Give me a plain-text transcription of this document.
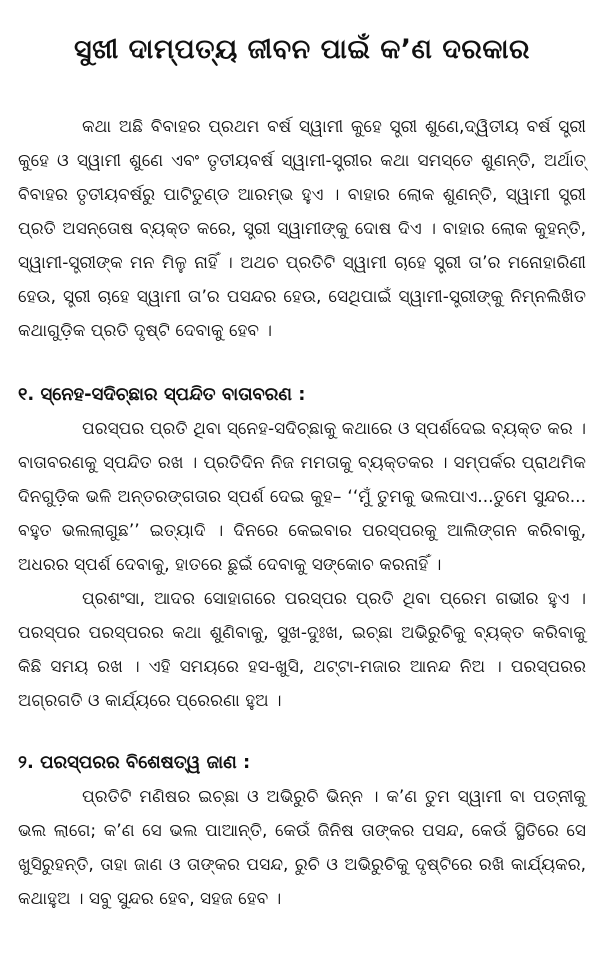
ସୁଖୀ ଦାମ୍ପତ୍ୟ ଜୀବନ ପାଇଁ କ’ଣ ଦରକାର

କଥା ଅଛି ବିବାହର ପ୍ରଥମ ବର୍ଷ ସ୍ୱାମୀ କୁହେ ସ୍ତ୍ରୀ ଶୁଣେ,ଦ୍ୱିତୀୟ ବର୍ଷ ସ୍ତ୍ରୀ କୁହେ ଓ ସ୍ୱାମୀ ଶୁଣେ ଏବଂ ତୃତୀୟବର୍ଷ ସ୍ୱାମୀ-ସ୍ତ୍ରୀର କଥା ସମସ୍ତେ ଶୁଣନ୍ତି, ଅର୍ଥାତ୍ ବିବାହର ତୃତୀୟବର୍ଷରୁ ପାଟିତୁଣ୍ଡ ଆରମ୍ଭ ହୁଏ । ବାହାର ଲୋକ ଶୁଣନ୍ତି, ସ୍ୱାମୀ ସ୍ତ୍ରୀ ପ୍ରତି ଅସନ୍ତୋଷ ବ୍ୟକ୍ତ କରେ, ସ୍ତ୍ରୀ ସ୍ୱାମୀଙ୍କୁ ଦୋଷ ଦିଏ । ବାହାର ଲୋକ କୁହନ୍ତି, ସ୍ୱାମୀ-ସ୍ତ୍ରୀଙ୍କ ମନ ମିଳୁ ନାହିଁ । ଅଥଚ ପ୍ରତିଟି ସ୍ୱାମୀ ଚାହେ ସ୍ତ୍ରୀ ତା’ର ମନୋହାରିଣୀ ହେଉ, ସ୍ତ୍ରୀ ଚାହେ ସ୍ୱାମୀ ତା’ର ପସନ୍ଦର ହେଉ, ସେଥିପାଇଁ ସ୍ୱାମୀ-ସ୍ତ୍ରୀଙ୍କୁ ନିମ୍ନଲିଖିତ କଥାଗୁଡ଼ିକ ପ୍ରତି ଦୃଷ୍ଟି ଦେବାକୁ ହେବ ।

୧. ସ୍ନେହ-ସଦିଚ୍ଛାର ସ୍ପନ୍ଦିତ ବାତାବରଣ :

ପରସ୍ପର ପ୍ରତି ଥିବା ସ୍ନେହ-ସଦିଚ୍ଛାକୁ କଥାରେ ଓ ସ୍ପର୍ଶଦେଇ ବ୍ୟକ୍ତ କର । ବାତାବରଣକୁ ସ୍ପନ୍ଦିତ ରଖ । ପ୍ରତିଦିନ ନିଜ ମମତାକୁ ବ୍ୟକ୍ତକର । ସମ୍ପର୍କର ପ୍ରାଥମିକ ଦିନଗୁଡ଼ିକ ଭଳି ଅନ୍ତରଙ୍ଗତାର ସ୍ପର୍ଶ ଦେଇ କୁହ– ‘‘ମୁଁ ତୁମକୁ ଭଲପାଏ...ତୁମେ ସୁନ୍ଦର... ବହୁତ ଭଲଲାଗୁଛ’’ ଇତ୍ୟାଦି । ଦିନରେ କେଇବାର ପରସ୍ପରକୁ ଆଲିଙ୍ଗନ କରିବାକୁ, ଅଧରର ସ୍ପର୍ଶ ଦେବାକୁ, ହାତରେ ଛୁଇଁ ଦେବାକୁ ସଙ୍କୋଚ କରନାହିଁ ।

ପ୍ରଶଂସା, ଆଦର ସୋହାଗରେ ପରସ୍ପର ପ୍ରତି ଥିବା ପ୍ରେମ ଗଭୀର ହୁଏ । ପରସ୍ପର ପରସ୍ପରର କଥା ଶୁଣିବାକୁ, ସୁଖ-ଦୁଃଖ, ଇଚ୍ଛା ଅଭିରୁଚିକୁ ବ୍ୟକ୍ତ କରିବାକୁ କିଛି ସମୟ ରଖ । ଏହି ସମୟରେ ହସ-ଖୁସି, ଥଟ୍ଟା-ମଜାର ଆନନ୍ଦ ନିଅ । ପରସ୍ପରର ଅଗ୍ରଗତି ଓ କାର୍ଯ୍ୟରେ ପ୍ରେରଣା ହୁଅ ।

୨. ପରସ୍ପରର ବିଶେଷତ୍ୱ ଜାଣ :

ପ୍ରତିଟି ମଣିଷର ଇଚ୍ଛା ଓ ଅଭିରୁଚି ଭିନ୍ନ । କ’ଣ ତୁମ ସ୍ୱାମୀ ବା ପତ୍ନୀକୁ ଭଲ ଲାଗେ; କ’ଣ ସେ ଭଲ ପାଆନ୍ତି, କେଉଁ ଜିନିଷ ତାଙ୍କର ପସନ୍ଦ, କେଉଁ ସ୍ଥିତିରେ ସେ ଖୁସିରୁହନ୍ତି, ତାହା ଜାଣ ଓ ତାଙ୍କର ପସନ୍ଦ, ରୁଚି ଓ ଅଭିରୁଚିକୁ ଦୃଷ୍ଟିରେ ରଖି କାର୍ଯ୍ୟକର, କଥାହୁଅ । ସବୁ ସୁନ୍ଦର ହେବ, ସହଜ ହେବ ।
